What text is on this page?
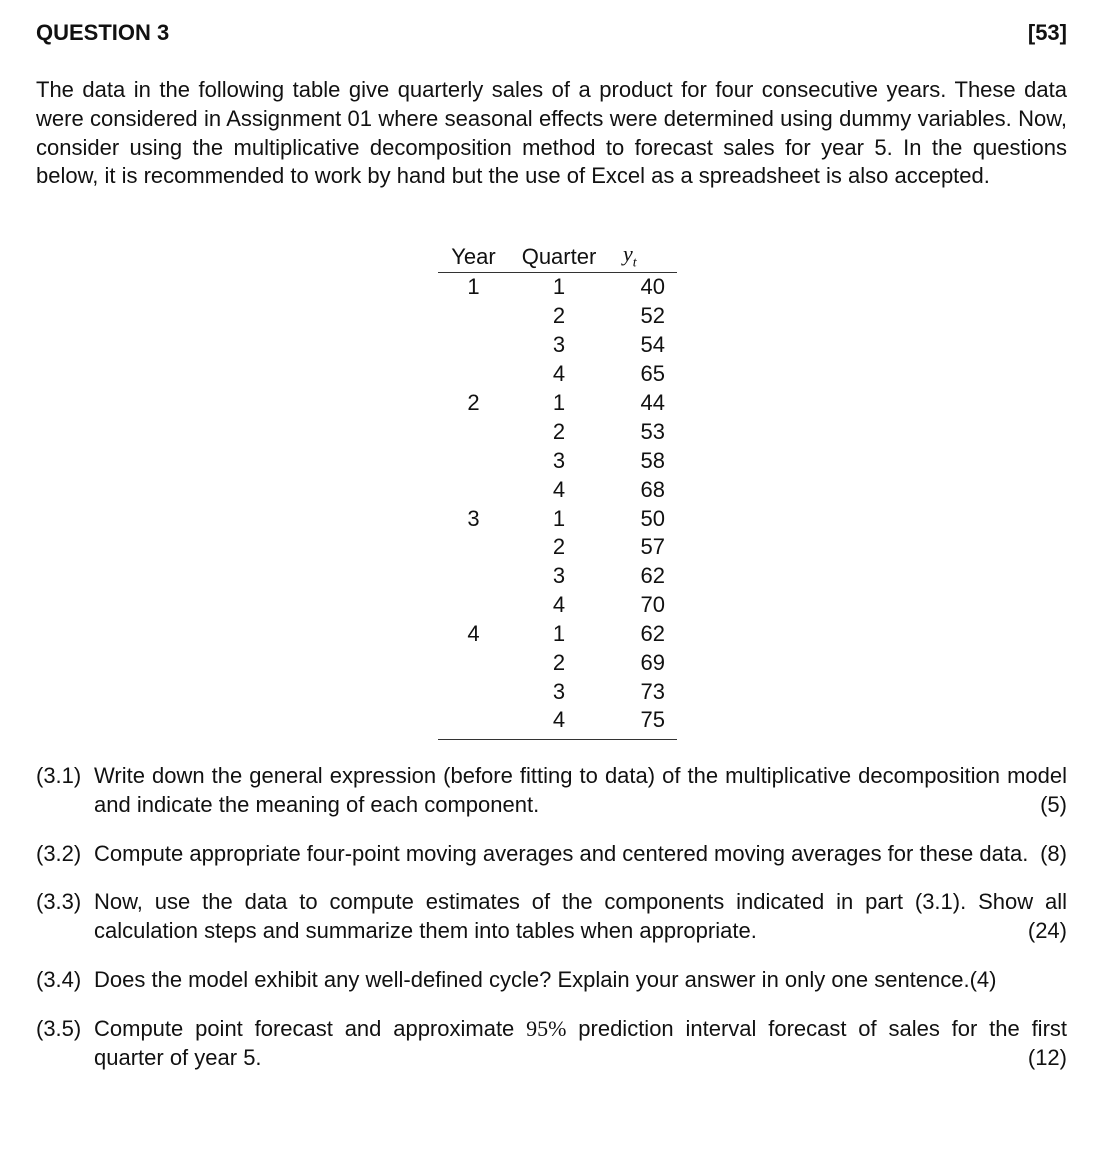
QUESTION 3	[53]

The data in the following table give quarterly sales of a product for four consecutive years. These data were considered in Assignment 01 where seasonal effects were determined using dummy variables. Now, consider using the multiplicative decomposition method to forecast sales for year 5. In the questions below, it is recommended to work by hand but the use of Excel as a spreadsheet is also accepted.

Year	Quarter	$y_t$
1	1	40
	2	52
	3	54
	4	65
2	1	44
	2	53
	3	58
	4	68
3	1	50
	2	57
	3	62
	4	70
4	1	62
	2	69
	3	73
	4	75
(3.1) Write down the general expression (before fitting to data) of the multiplicative decomposition model and indicate the meaning of each component.	(5)
(3.2) Compute appropriate four-point moving averages and centered moving averages for these data. (8)
(3.3) Now, use the data to compute estimates of the components indicated in part (3.1). Show all calculation steps and summarize them into tables when appropriate.	(24)
(3.4) Does the model exhibit any well-defined cycle? Explain your answer in only one sentence.(4)
(3.5) Compute point forecast and approximate 95% prediction interval forecast of sales for the first quarter of year 5.	(12)
